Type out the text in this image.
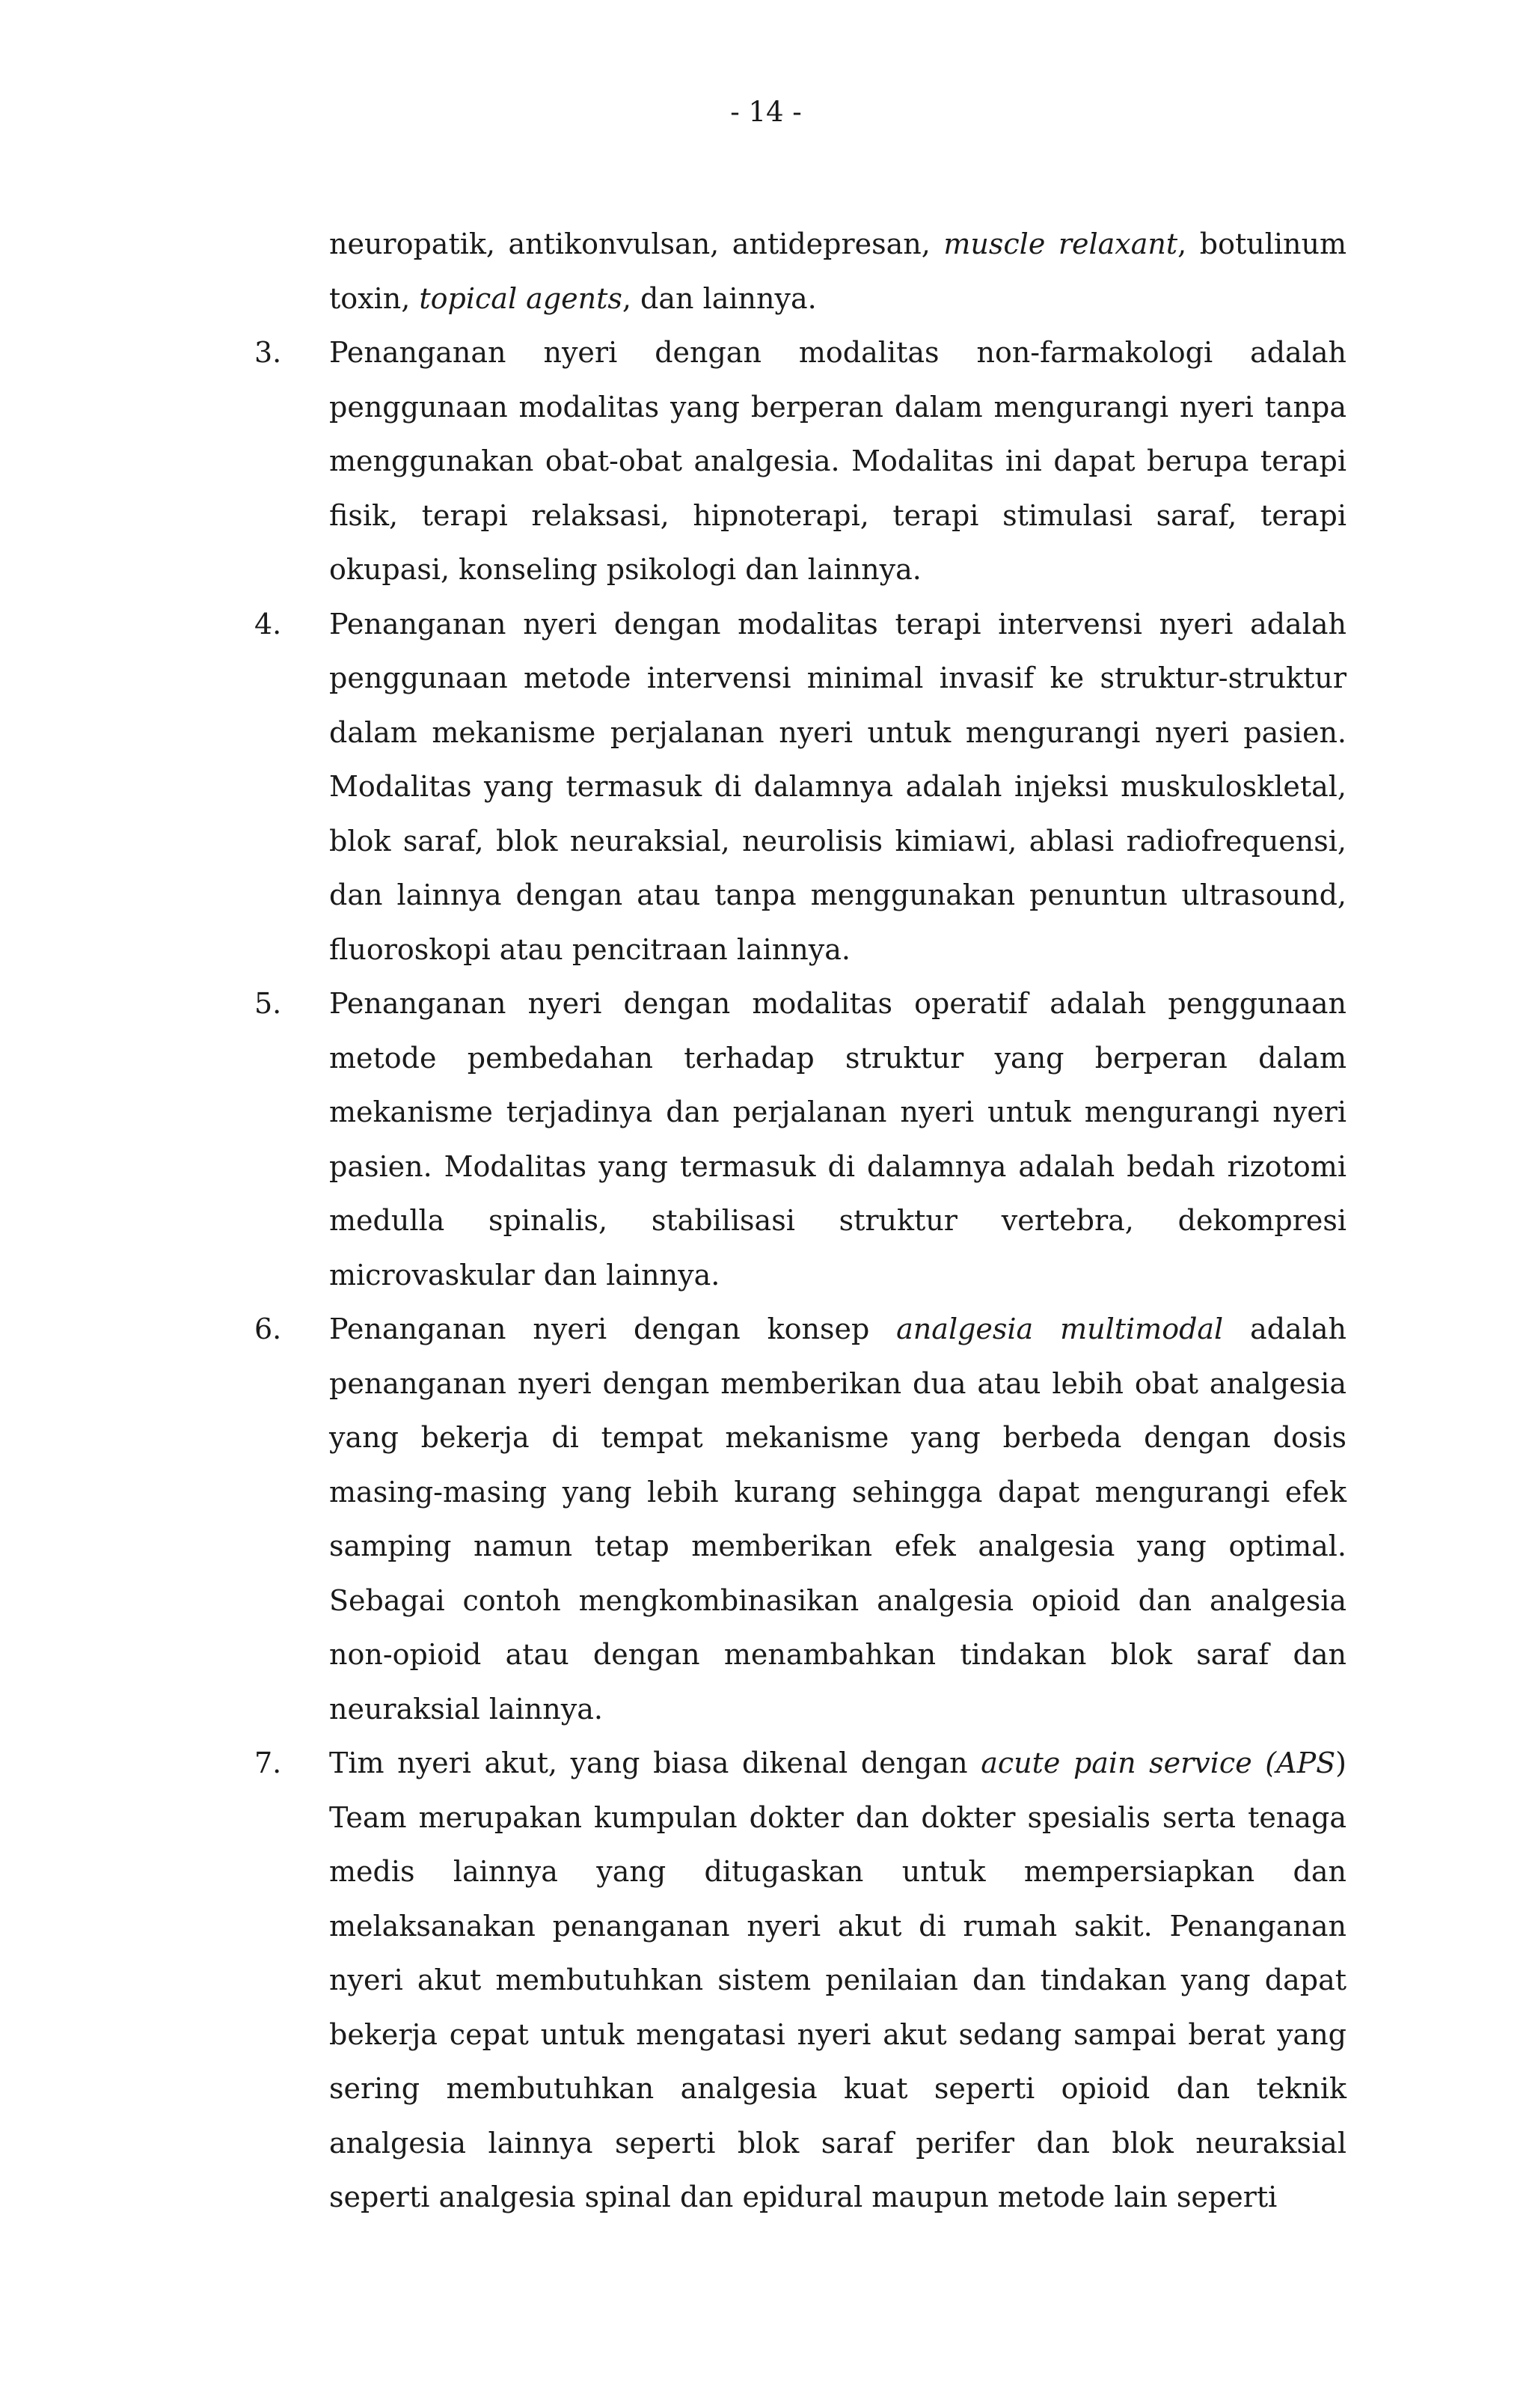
- 14 -

neuropatik, antikonvulsan, antidepresan, muscle relaxant, botulinum toxin, topical agents, dan lainnya.

3.	Penanganan nyeri dengan modalitas non-farmakologi adalah penggunaan modalitas yang berperan dalam mengurangi nyeri tanpa menggunakan obat-obat analgesia. Modalitas ini dapat berupa terapi fisik, terapi relaksasi, hipnoterapi, terapi stimulasi saraf, terapi okupasi, konseling psikologi dan lainnya.
4.	Penanganan nyeri dengan modalitas terapi intervensi nyeri adalah penggunaan metode intervensi minimal invasif ke struktur-struktur dalam mekanisme perjalanan nyeri untuk mengurangi nyeri pasien. Modalitas yang termasuk di dalamnya adalah injeksi muskuloskletal, blok saraf, blok neuraksial, neurolisis kimiawi, ablasi radiofrequensi, dan lainnya dengan atau tanpa menggunakan penuntun ultrasound, fluoroskopi atau pencitraan lainnya.
5.	Penanganan nyeri dengan modalitas operatif adalah penggunaan metode pembedahan terhadap struktur yang berperan dalam mekanisme terjadinya dan perjalanan nyeri untuk mengurangi nyeri pasien. Modalitas yang termasuk di dalamnya adalah bedah rizotomi medulla spinalis, stabilisasi struktur vertebra, dekompresi microvaskular dan lainnya.
6.	Penanganan nyeri dengan konsep analgesia multimodal adalah penanganan nyeri dengan memberikan dua atau lebih obat analgesia yang bekerja di tempat mekanisme yang berbeda dengan dosis masing-masing yang lebih kurang sehingga dapat mengurangi efek samping namun tetap memberikan efek analgesia yang optimal. Sebagai contoh mengkombinasikan analgesia opioid dan analgesia non-opioid atau dengan menambahkan tindakan blok saraf dan neuraksial lainnya.
7.	Tim nyeri akut, yang biasa dikenal dengan acute pain service (APS) Team merupakan kumpulan dokter dan dokter spesialis serta tenaga medis lainnya yang ditugaskan untuk mempersiapkan dan melaksanakan penanganan nyeri akut di rumah sakit. Penanganan nyeri akut membutuhkan sistem penilaian dan tindakan yang dapat bekerja cepat untuk mengatasi nyeri akut sedang sampai berat yang sering membutuhkan analgesia kuat seperti opioid dan teknik analgesia lainnya seperti blok saraf perifer dan blok neuraksial seperti analgesia spinal dan epidural maupun metode lain seperti
